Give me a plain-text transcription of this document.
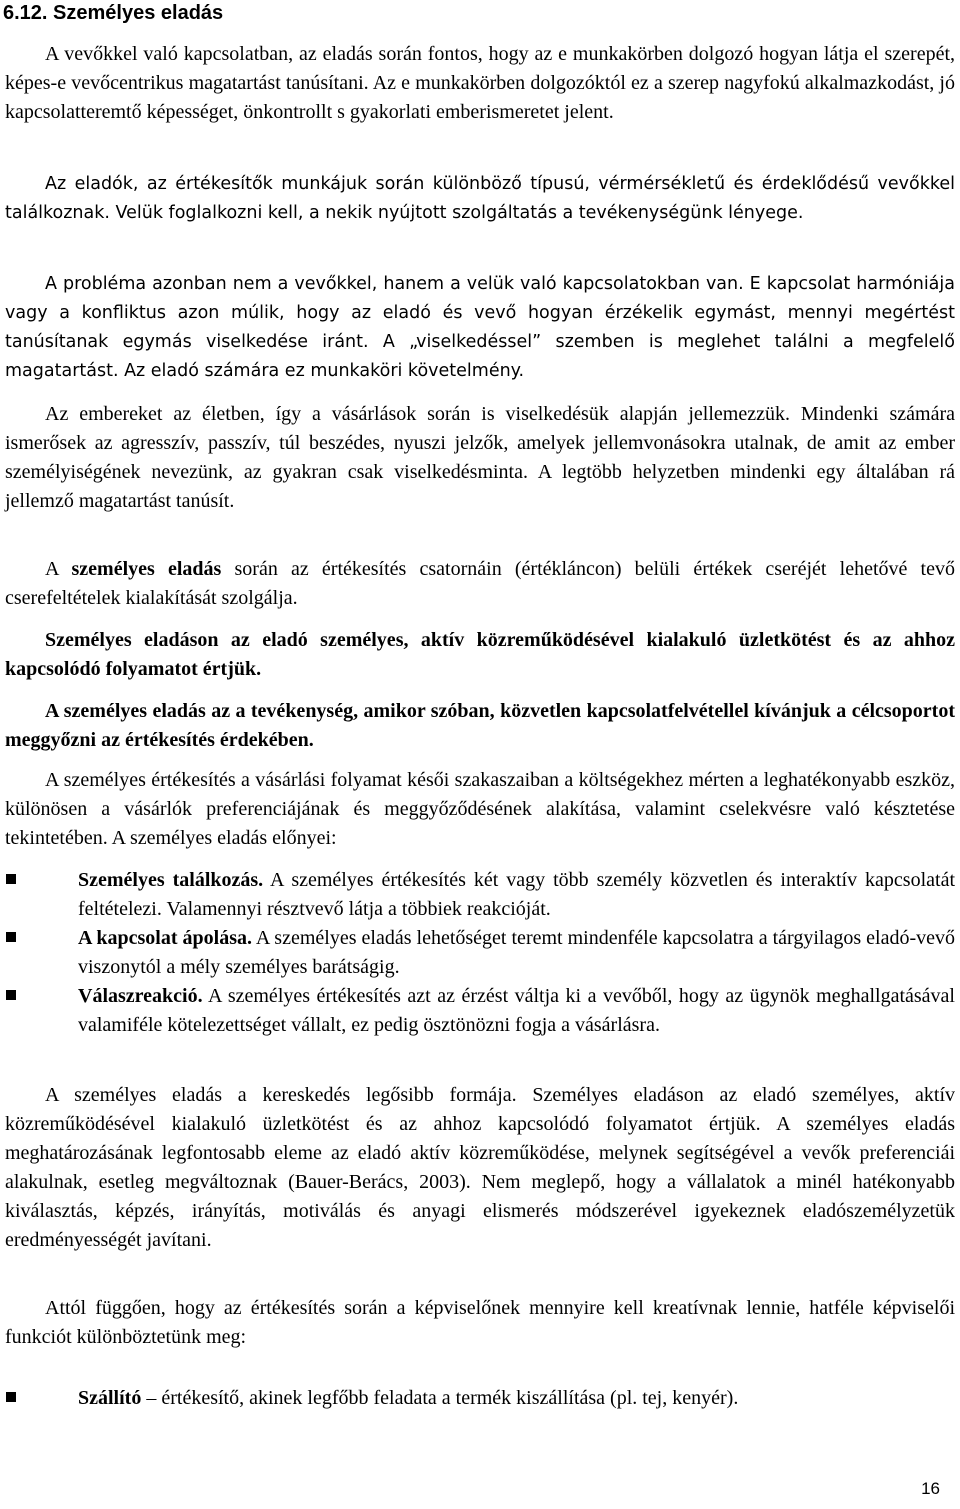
6.12. Személyes eladás

A vevőkkel való kapcsolatban, az eladás során fontos, hogy az e munkakörben dolgozó hogyan látja el szerepét, képes-e vevőcentrikus magatartást tanúsítani. Az e munkakörben dolgozóktól ez a szerep nagyfokú alkalmazkodást, jó kapcsolatteremtő képességet, önkontrollt s gyakorlati emberismeretet jelent.

Az eladók, az értékesítők munkájuk során különböző típusú, vérmérsékletű és érdeklődésű vevőkkel találkoznak. Velük foglalkozni kell, a nekik nyújtott szolgáltatás a tevékenységünk lényege.

A probléma azonban nem a vevőkkel, hanem a velük való kapcsolatokban van. E kapcsolat harmóniája vagy a konfliktus azon múlik, hogy az eladó és vevő hogyan érzékelik egymást, mennyi megértést tanúsítanak egymás viselkedése iránt. A „viselkedéssel” szemben is meglehet találni a megfelelő magatartást. Az eladó számára ez munkaköri követelmény.

Az embereket az életben, így a vásárlások során is viselkedésük alapján jellemezzük. Mindenki számára ismerősek az agresszív, passzív, túl beszédes, nyuszi jelzők, amelyek jellemvonásokra utalnak, de amit az ember személyiségének nevezünk, az gyakran csak viselkedésminta. A legtöbb helyzetben mindenki egy általában rá jellemző magatartást tanúsít.

A személyes eladás során az értékesítés csatornáin (értékláncon) belüli értékek cseréjét lehetővé tevő cserefeltételek kialakítását szolgálja.

Személyes eladáson az eladó személyes, aktív közreműködésével kialakuló üzletkötést és az ahhoz kapcsolódó folyamatot értjük.

A személyes eladás az a tevékenység, amikor szóban, közvetlen kapcsolatfelvétellel kívánjuk a célcsoportot meggyőzni az értékesítés érdekében.

A személyes értékesítés a vásárlási folyamat késői szakaszaiban a költségekhez mérten a leghatékonyabb eszköz, különösen a vásárlók preferenciájának és meggyőződésének alakítása, valamint cselekvésre való késztetése tekintetében. A személyes eladás előnyei:

Személyes találkozás. A személyes értékesítés két vagy több személy közvetlen és interaktív kapcsolatát feltételezi. Valamennyi résztvevő látja a többiek reakcióját.
A kapcsolat ápolása. A személyes eladás lehetőséget teremt mindenféle kapcsolatra a tárgyilagos eladó-vevő viszonytól a mély személyes barátságig.
Válaszreakció. A személyes értékesítés azt az érzést váltja ki a vevőből, hogy az ügynök meghallgatásával valamiféle kötelezettséget vállalt, ez pedig ösztönözni fogja a vásárlásra.

A személyes eladás a kereskedés legősibb formája. Személyes eladáson az eladó személyes, aktív közreműködésével kialakuló üzletkötést és az ahhoz kapcsolódó folyamatot értjük. A személyes eladás meghatározásának legfontosabb eleme az eladó aktív közreműködése, melynek segítségével a vevők preferenciái alakulnak, esetleg megváltoznak (Bauer-Berács, 2003). Nem meglepő, hogy a vállalatok a minél hatékonyabb kiválasztás, képzés, irányítás, motiválás és anyagi elismerés módszerével igyekeznek eladószemélyzetük eredményességét javítani.

Attól függően, hogy az értékesítés során a képviselőnek mennyire kell kreatívnak lennie, hatféle képviselői funkciót különböztetünk meg:

Szállító – értékesítő, akinek legfőbb feladata a termék kiszállítása (pl. tej, kenyér).
16
